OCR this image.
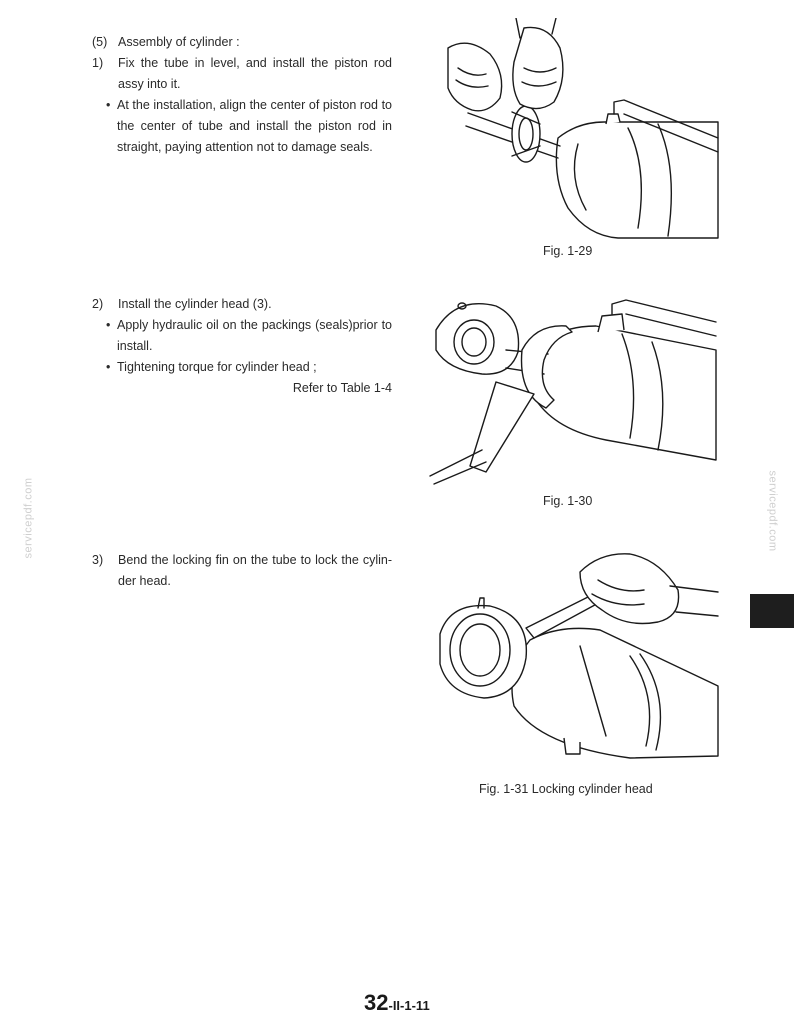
(5) Assembly of cylinder :
1)	Fix the tube in level, and install the piston rod assy into it.
• At the installation, align the center of piston rod to the center of tube and install the piston rod in straight, paying attention not to damage seals.
Fig. 1-29
2)	Install the cylinder head (3).
• Apply hydraulic oil on the packings (seals)prior to install.
• Tightening torque for cylinder head ;
Refer to Table 1-4
Fig. 1-30
3)	Bend the locking fin on the tube to lock the cylin-der head.
Fig. 1-31 Locking cylinder head
servicepdf.com	servicepdf.com
32-II-1-11
